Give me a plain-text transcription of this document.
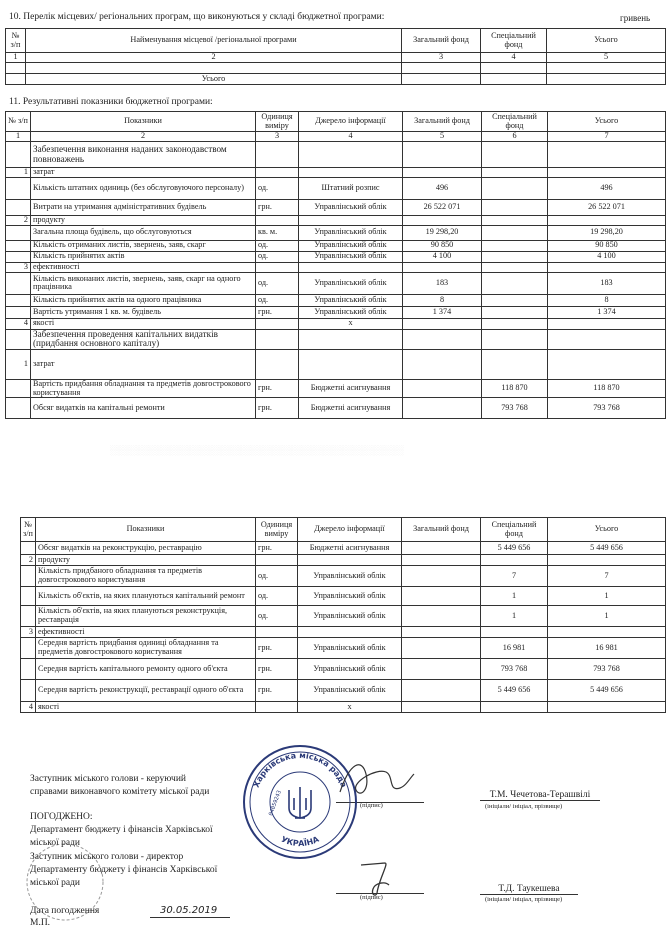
10. Перелік місцевих/ регіональних програм, що виконуються у складі бюджетної програми:	гривень
№ з/п	Найменування місцевої /регіональної програми	Загальний фонд	Спеціальний фонд	Усього
1	2	3	4	5

	Усього			
11. Результативні показники бюджетної програми:
№ з/п	Показники	Одиниця виміру	Джерело інформації	Загальний фонд	Спеціальний фонд	Усього
1	2	3	4	5	6	7
	Забезпечення виконання наданих законодавством повноважень					
1	затрат					
	Кількість штатних одиниць (без обслуговуючого персоналу)	од.	Штатний розпис	496		496
	Витрати на утримання адміністративних будівель	грн.	Управлінський облік	26 522 071		26 522 071
2	продукту					
	Загальна площа будівель, що обслуговуються	кв. м.	Управлінський облік	19 298,20		19 298,20
	Кількість отриманих листів, звернень, заяв, скарг	од.	Управлінський облік	90 850		90 850
	Кількість прийнятих актів	од.	Управлінський облік	4 100		4 100
3	ефективності					
	Кількість виконаних листів, звернень, заяв, скарг на одного працівника	од.	Управлінський облік	183		183
	Кількість прийнятих актів на одного працівника	од.	Управлінський облік	8		8
	Вартість утримання 1 кв. м. будівель	грн.	Управлінський облік	1 374		1 374
4	якості		x			
	Забезпечення проведення капітальних видатків (придбання основного капіталу)					
1	затрат					
	Вартість придбання обладнання та предметів довгострокового користування	грн.	Бюджетні асигнування		118 870	118 870
	Обсяг видатків на капітальні ремонти	грн.	Бюджетні асигнування		793 768	793 768
░░░░░░░░░░░░░░░░░░░░░░░░░░░░░░░░░░░░░░░░░░░░░░
№ з/п	Показники	Одиниця виміру	Джерело інформації	Загальний фонд	Спеціальний фонд	Усього
	Обсяг видатків на реконструкцію, реставрацію	грн.	Бюджетні асигнування		5 449 656	5 449 656
2	продукту					
	Кількість придбаного обладнання та предметів довгострокового користування	од.	Управлінський облік		7	7
	Кількість об'єктів, на яких плануються капітальний ремонт	од.	Управлінський облік		1	1
	Кількість об'єктів, на яких плануються реконструкція, реставрація	од.	Управлінський облік		1	1
3	ефективності					
	Середня вартість придбання одиниці обладнання та предметів довгострокового користування	грн.	Управлінський облік		16 981	16 981
	Середня вартість капітального ремонту одного об'єкта	грн.	Управлінський облік		793 768	793 768
	Середня вартість реконструкції, реставрації одного об'єкта	грн.	Управлінський облік		5 449 656	5 449 656
4	якості		x			
Заступник міського голови - керуючий
справами виконавчого комітету міської ради
(підпис)
Т.М. Чечетова-Терашвілі
(ініціали/ ініціал, прізвище)
ПОГОДЖЕНО:
Департамент бюджету і фінансів Харківської
міської ради
Заступник міського голови - директор
Департаменту бюджету і фінансів Харківської
міської ради
(підпис)
Т.Д. Таукешева
(ініціали/ ініціал, прізвище)
Дата погодження	30.05.2019
М.П.
Харківська міська рада
УКРАЇНА
04059243
